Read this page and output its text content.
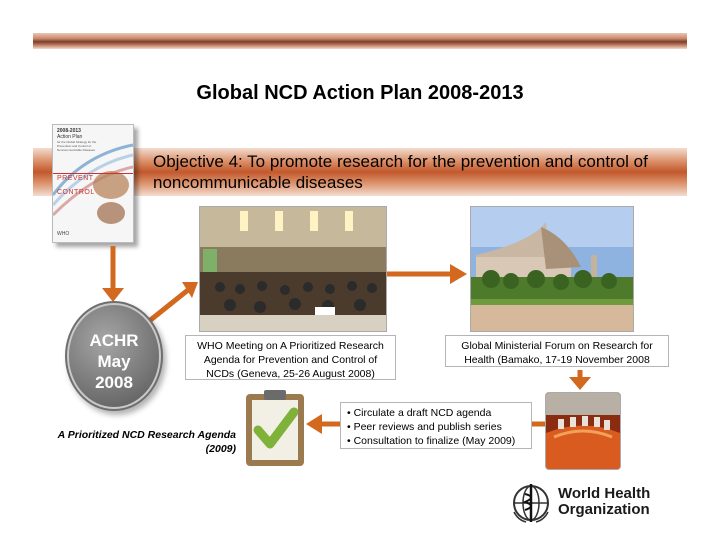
Global NCD Action Plan 2008-2013
Objective 4: To promote research for the prevention and control of noncommunicable diseases
2008-2013
Action Plan
for the Global Strategy for the Prevention and Control of Noncommunicable Diseases
PREVENT
CONTROL
WHO
ACHR
May
2008
WHO Meeting on A Prioritized Research Agenda for Prevention and Control of NCDs (Geneva, 25-26 August 2008)
Global Ministerial Forum on Research for Health (Bamako, 17-19 November 2008
• Circulate a draft NCD agenda
• Peer reviews and publish series
• Consultation to finalize (May 2009)
A Prioritized NCD Research Agenda
(2009)
World Health
Organization
